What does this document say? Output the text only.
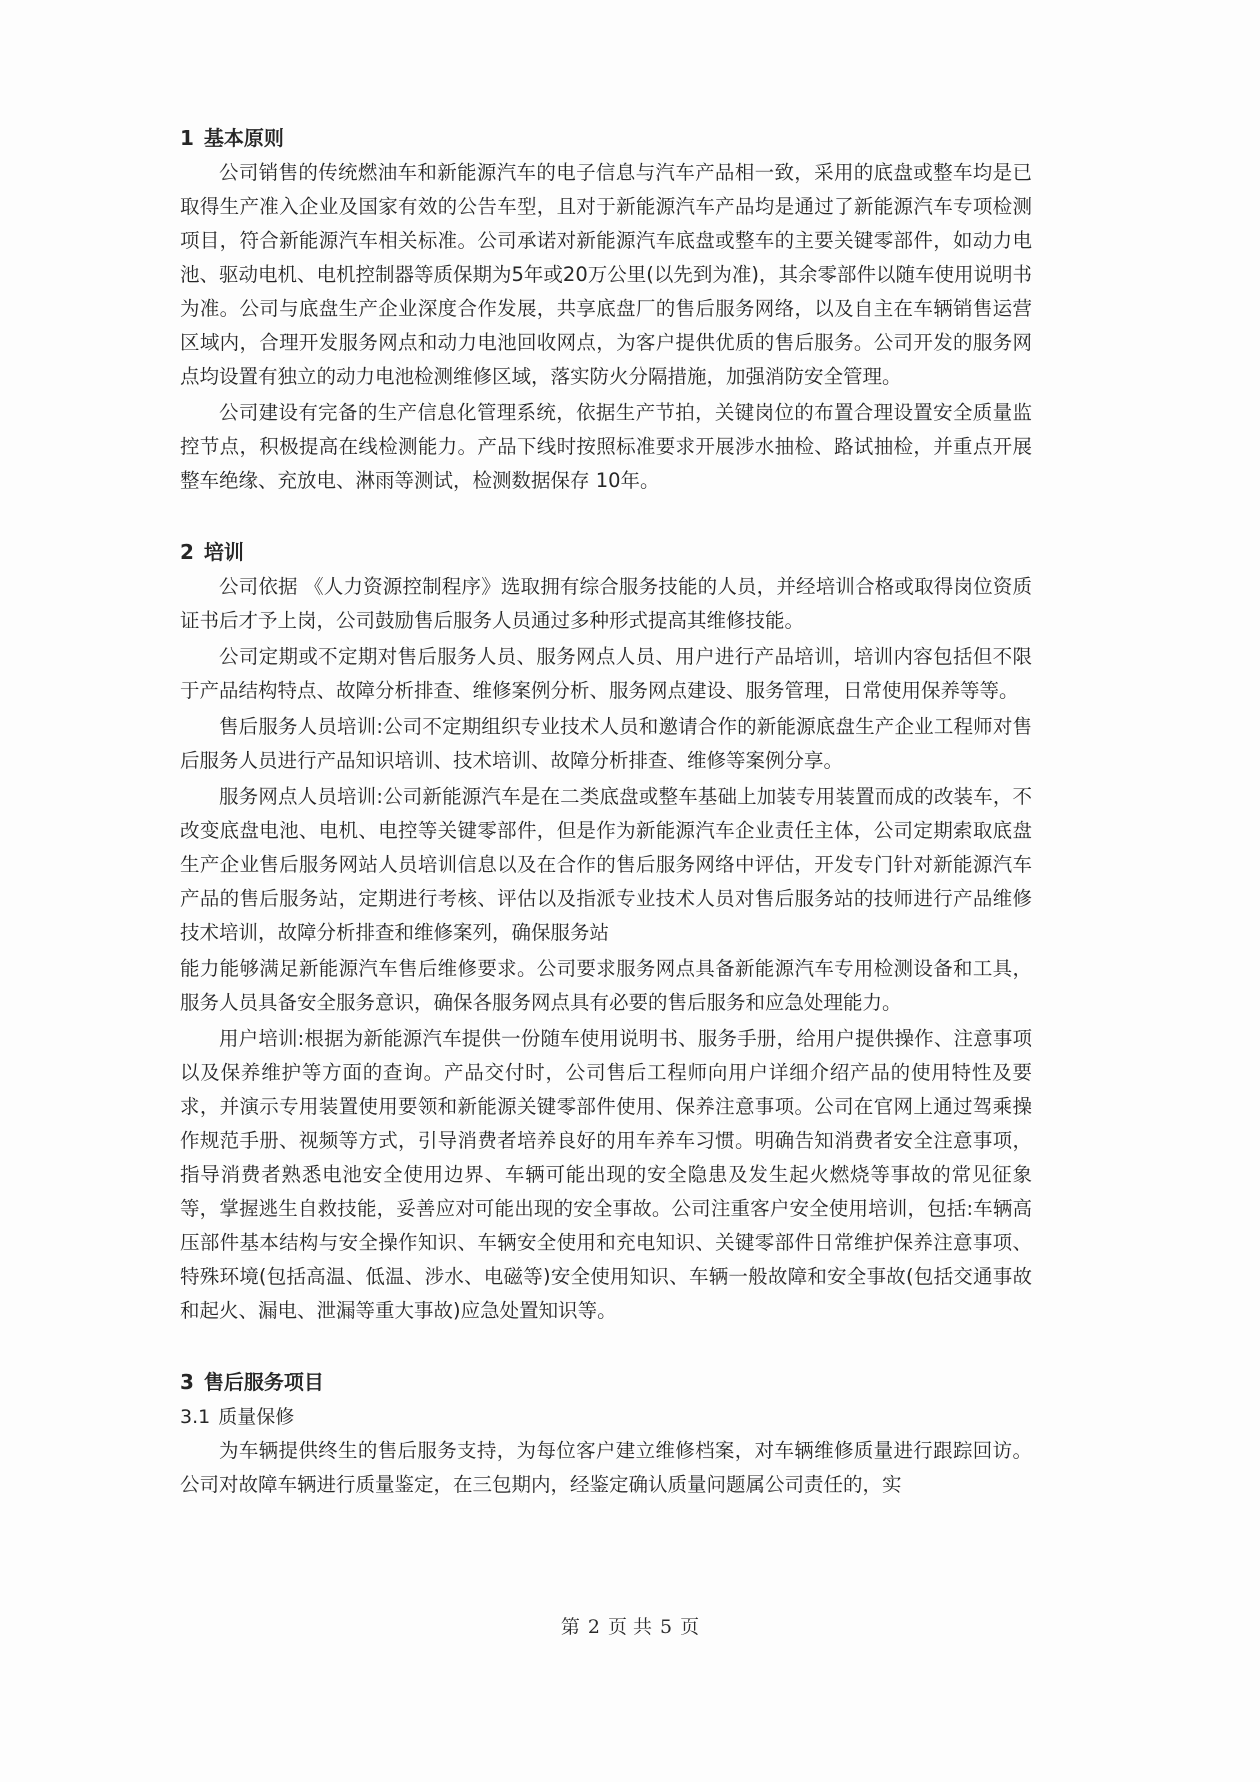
1 基本原则

公司销售的传统燃油车和新能源汽车的电子信息与汽车产品相一致，采用的底盘或整车均是已取得生产准入企业及国家有效的公告车型，且对于新能源汽车产品均是通过了新能源汽车专项检测项目，符合新能源汽车相关标准。公司承诺对新能源汽车底盘或整车的主要关键零部件，如动力电池、驱动电机、电机控制器等质保期为5年或20万公里(以先到为准)，其余零部件以随车使用说明书为准。公司与底盘生产企业深度合作发展，共享底盘厂的售后服务网络，以及自主在车辆销售运营区域内，合理开发服务网点和动力电池回收网点，为客户提供优质的售后服务。公司开发的服务网点均设置有独立的动力电池检测维修区域，落实防火分隔措施，加强消防安全管理。

公司建设有完备的生产信息化管理系统，依据生产节拍，关键岗位的布置合理设置安全质量监控节点，积极提高在线检测能力。产品下线时按照标准要求开展涉水抽检、路试抽检，并重点开展整车绝缘、充放电、淋雨等测试，检测数据保存 10年。

2 培训

公司依据 《人力资源控制程序》选取拥有综合服务技能的人员，并经培训合格或取得岗位资质证书后才予上岗，公司鼓励售后服务人员通过多种形式提高其维修技能。

公司定期或不定期对售后服务人员、服务网点人员、用户进行产品培训，培训内容包括但不限于产品结构特点、故障分析排查、维修案例分析、服务网点建设、服务管理，日常使用保养等等。

售后服务人员培训:公司不定期组织专业技术人员和邀请合作的新能源底盘生产企业工程师对售后服务人员进行产品知识培训、技术培训、故障分析排查、维修等案例分享。

服务网点人员培训:公司新能源汽车是在二类底盘或整车基础上加装专用装置而成的改装车，不改变底盘电池、电机、电控等关键零部件，但是作为新能源汽车企业责任主体，公司定期索取底盘生产企业售后服务网站人员培训信息以及在合作的售后服务网络中评估，开发专门针对新能源汽车产品的售后服务站，定期进行考核、评估以及指派专业技术人员对售后服务站的技师进行产品维修技术培训，故障分析排查和维修案列，确保服务站

能力能够满足新能源汽车售后维修要求。公司要求服务网点具备新能源汽车专用检测设备和工具，服务人员具备安全服务意识，确保各服务网点具有必要的售后服务和应急处理能力。

用户培训:根据为新能源汽车提供一份随车使用说明书、服务手册，给用户提供操作、注意事项以及保养维护等方面的查询。产品交付时，公司售后工程师向用户详细介绍产品的使用特性及要求，并演示专用装置使用要领和新能源关键零部件使用、保养注意事项。公司在官网上通过驾乘操作规范手册、视频等方式，引导消费者培养良好的用车养车习惯。明确告知消费者安全注意事项，指导消费者熟悉电池安全使用边界、车辆可能出现的安全隐患及发生起火燃烧等事故的常见征象等，掌握逃生自救技能，妥善应对可能出现的安全事故。公司注重客户安全使用培训，包括:车辆高压部件基本结构与安全操作知识、车辆安全使用和充电知识、关键零部件日常维护保养注意事项、特殊环境(包括高温、低温、涉水、电磁等)安全使用知识、车辆一般故障和安全事故(包括交通事故和起火、漏电、泄漏等重大事故)应急处置知识等。

3 售后服务项目
3.1 质量保修

为车辆提供终生的售后服务支持，为每位客户建立维修档案，对车辆维修质量进行跟踪回访。公司对故障车辆进行质量鉴定，在三包期内，经鉴定确认质量问题属公司责任的，实

第 2 页 共 5 页
